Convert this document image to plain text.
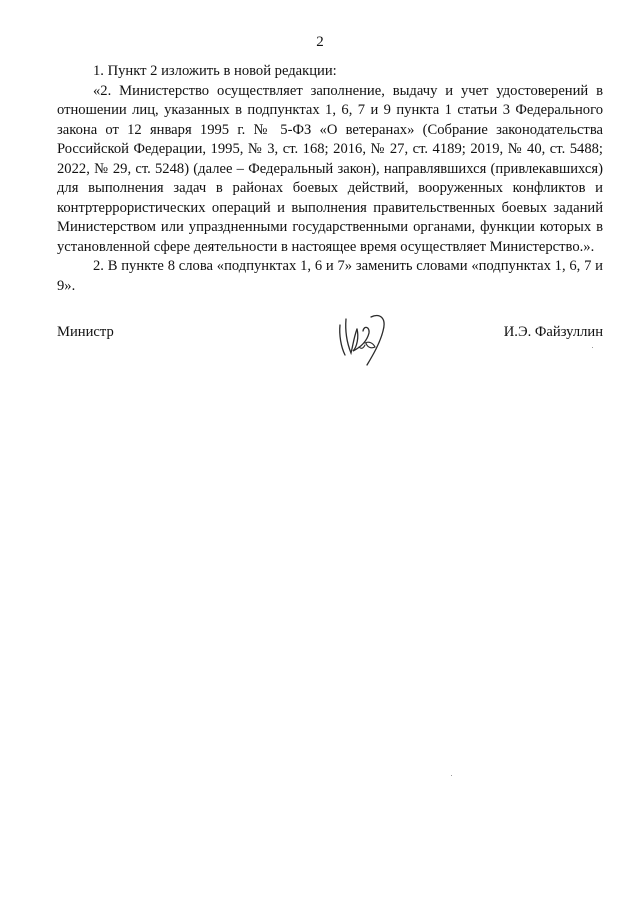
2

1. Пункт 2 изложить в новой редакции:

«2. Министерство осуществляет заполнение, выдачу и учет удостоверений в отношении лиц, указанных в подпунктах 1, 6, 7 и 9 пункта 1 статьи 3 Федерального закона от 12 января 1995 г. № 5-ФЗ «О ветеранах» (Собрание законодательства Российской Федерации, 1995, № 3, ст. 168; 2016, № 27, ст. 4189; 2019, № 40, ст. 5488; 2022, № 29, ст. 5248) (далее – Федеральный закон), направлявшихся (привлекавшихся) для выполнения задач в районах боевых действий, вооруженных конфликтов и контртеррористических операций и выполнения правительственных боевых заданий Министерством или упраздненными государственными органами, функции которых в установленной сфере деятельности в настоящее время осуществляет Министерство.».

2. В пункте 8 слова «подпунктах 1, 6 и 7» заменить словами «подпунктах 1, 6, 7 и 9».

Министр	И.Э. Файзуллин
